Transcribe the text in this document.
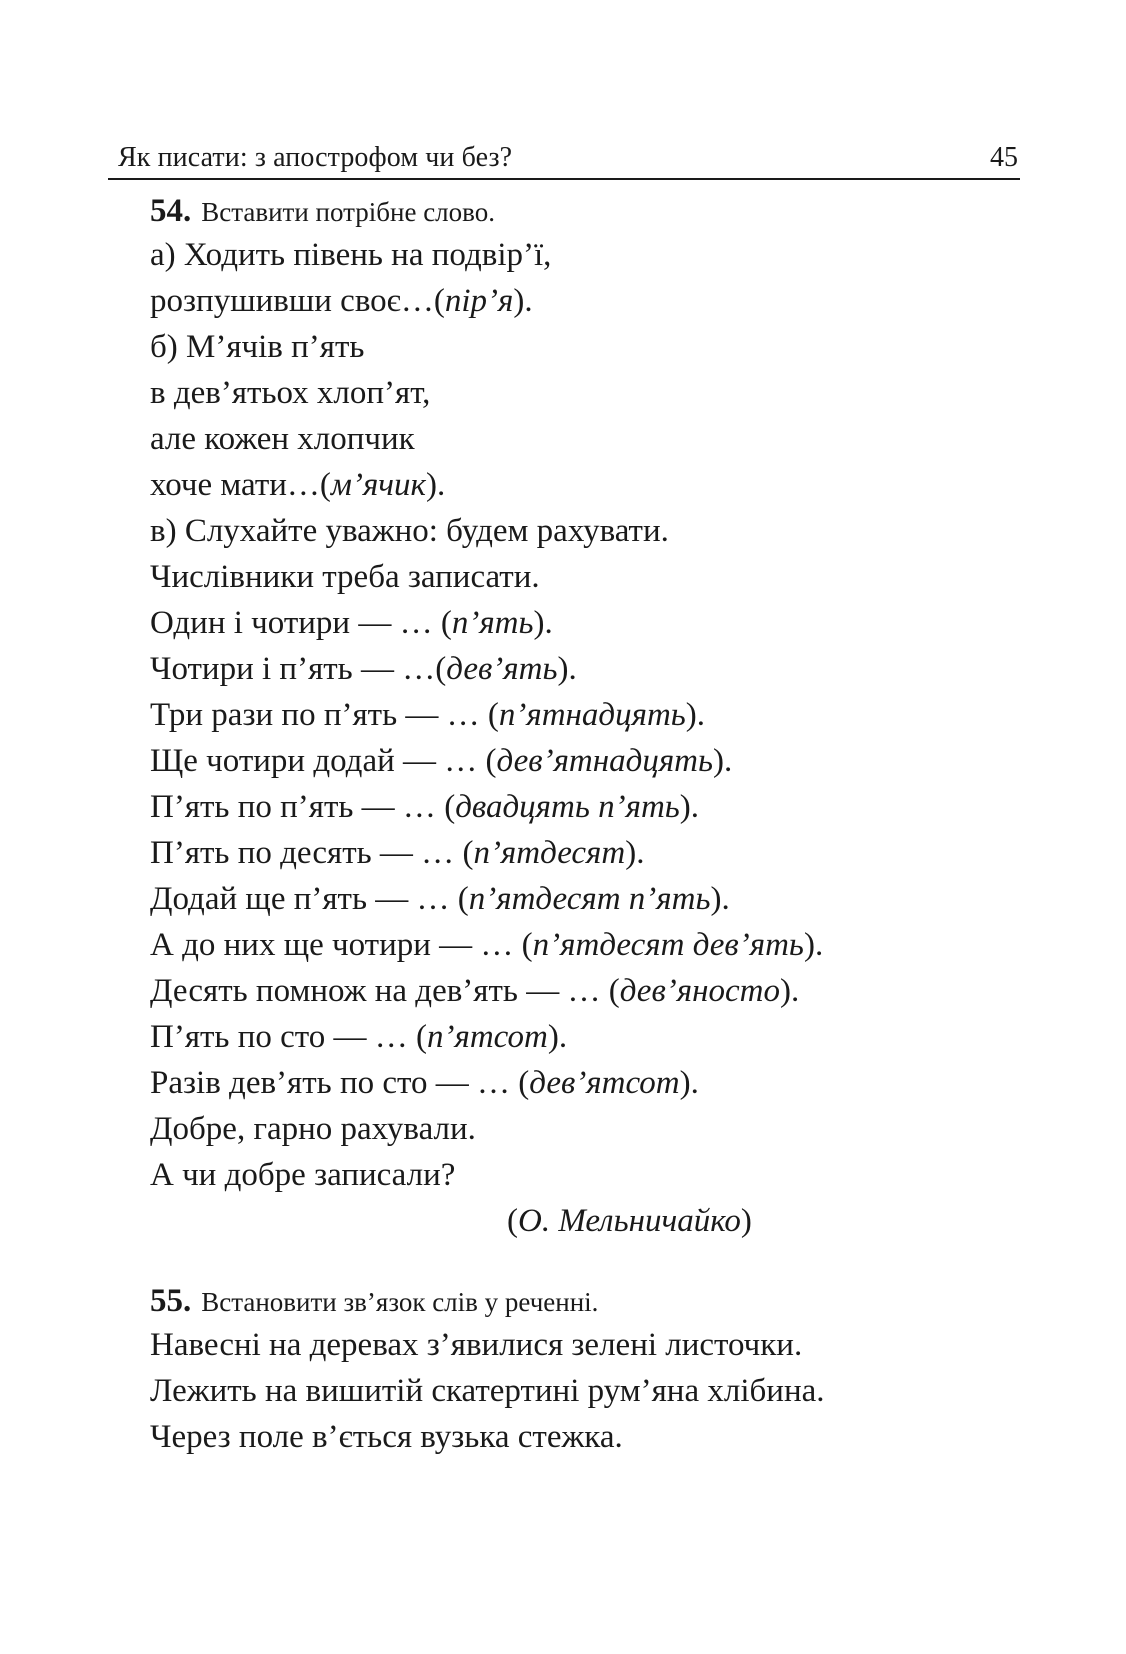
Як писати: з апострофом чи без?	45
54. Вставити потрібне слово.
а) Ходить півень на подвір’ї,
розпушивши своє…(пір’я).
б) М’ячів п’ять
в дев’ятьох хлоп’ят,
але кожен хлопчик
хоче мати…(м’ячик).
в) Слухайте уважно: будем рахувати.
Числівники треба записати.
Один і чотири — … (п’ять).
Чотири і п’ять — …(дев’ять).
Три рази по п’ять — … (п’ятнадцять).
Ще чотири додай — … (дев’ятнадцять).
П’ять по п’ять — … (двадцять п’ять).
П’ять по десять — … (п’ятдесят).
Додай ще п’ять — … (п’ятдесят п’ять).
А до них ще чотири — … (п’ятдесят дев’ять).
Десять помнож на дев’ять — … (дев’яносто).
П’ять по сто — … (п’ятсот).
Разів дев’ять по сто — … (дев’ятсот).
Добре, гарно рахували.
А чи добре записали?
(О. Мельничайко)
55. Встановити зв’язок слів у реченні.
Навесні на деревах з’явилися зелені листочки.
Лежить на вишитій скатертині рум’яна хлібина.
Через поле в’ється вузька стежка.
